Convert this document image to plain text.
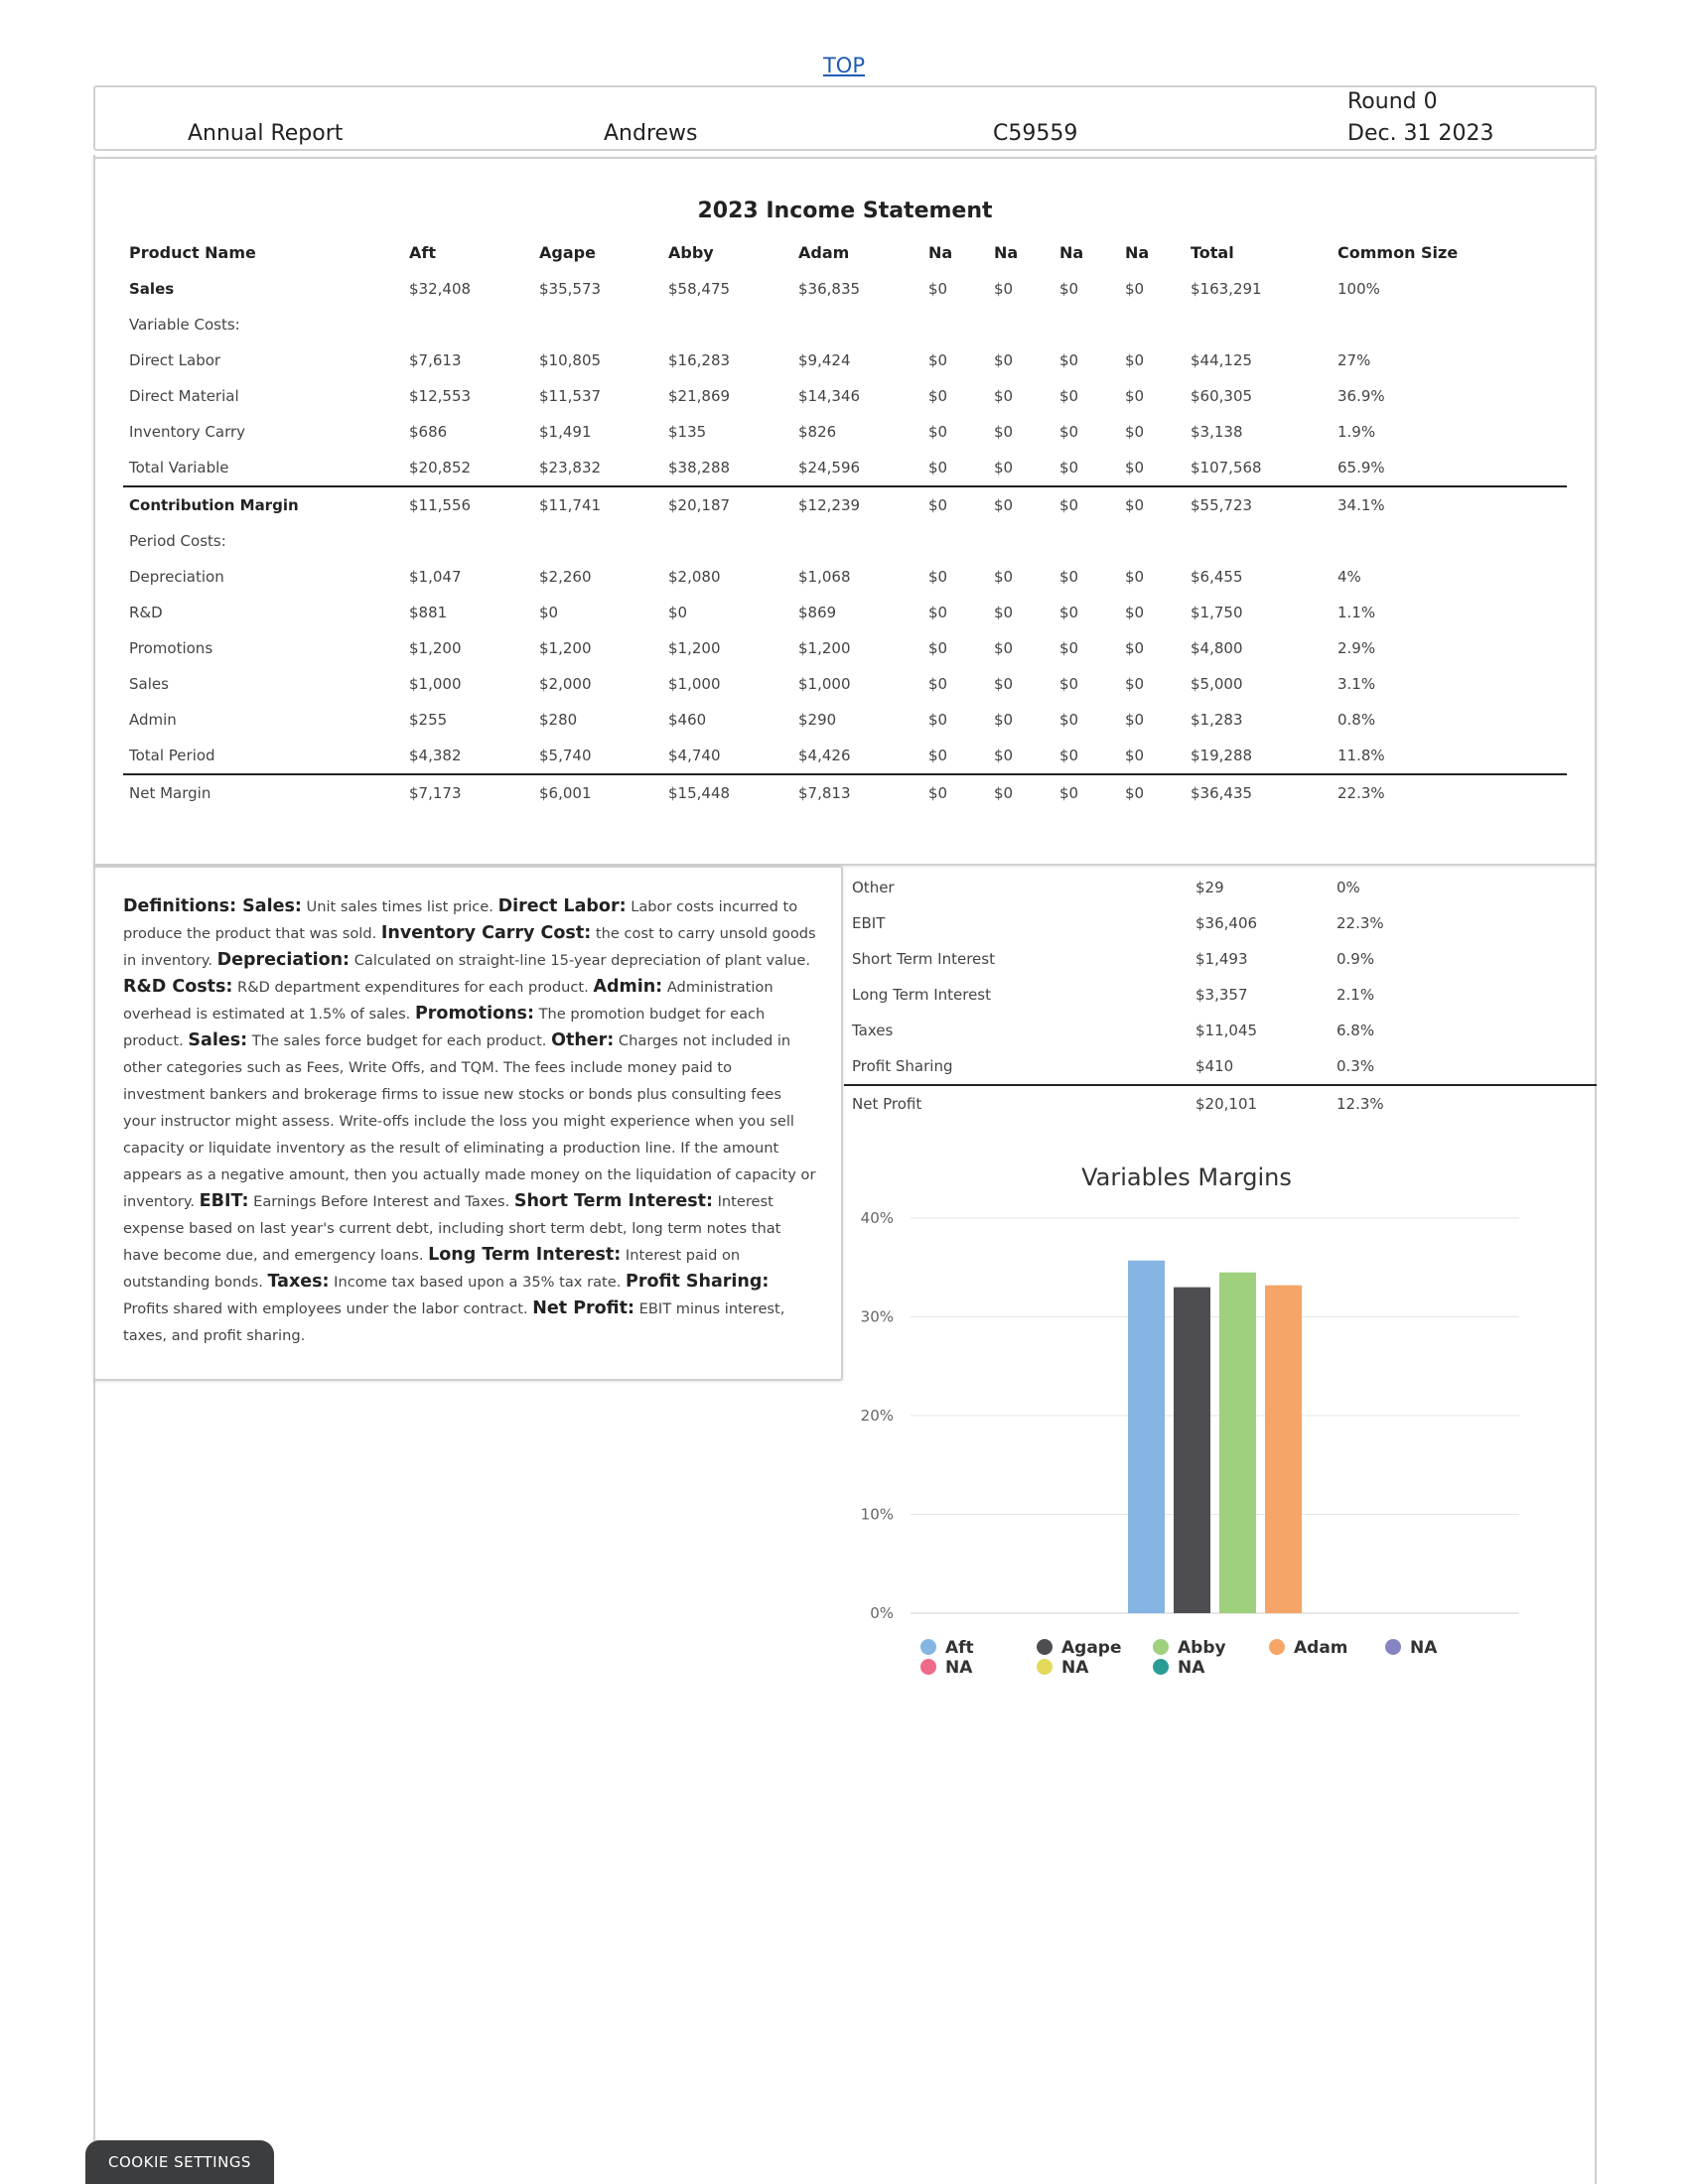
TOP
Annual Report	Andrews	C59559
Round 0
Dec. 31 2023
2023 Income Statement
Product Name	Aft	Agape	Abby	Adam	Na	Na	Na	Na	Total	Common Size
Sales	$32,408	$35,573	$58,475	$36,835	$0	$0	$0	$0	$163,291	100%
Variable Costs:
Direct Labor	$7,613	$10,805	$16,283	$9,424	$0	$0	$0	$0	$44,125	27%
Direct Material	$12,553	$11,537	$21,869	$14,346	$0	$0	$0	$0	$60,305	36.9%
Inventory Carry	$686	$1,491	$135	$826	$0	$0	$0	$0	$3,138	1.9%
Total Variable	$20,852	$23,832	$38,288	$24,596	$0	$0	$0	$0	$107,568	65.9%
Contribution Margin	$11,556	$11,741	$20,187	$12,239	$0	$0	$0	$0	$55,723	34.1%
Period Costs:
Depreciation	$1,047	$2,260	$2,080	$1,068	$0	$0	$0	$0	$6,455	4%
R&D	$881	$0	$0	$869	$0	$0	$0	$0	$1,750	1.1%
Promotions	$1,200	$1,200	$1,200	$1,200	$0	$0	$0	$0	$4,800	2.9%
Sales	$1,000	$2,000	$1,000	$1,000	$0	$0	$0	$0	$5,000	3.1%
Admin	$255	$280	$460	$290	$0	$0	$0	$0	$1,283	0.8%
Total Period	$4,382	$5,740	$4,740	$4,426	$0	$0	$0	$0	$19,288	11.8%
Net Margin	$7,173	$6,001	$15,448	$7,813	$0	$0	$0	$0	$36,435	22.3%

Definitions: Sales: Unit sales times list price. Direct Labor: Labor costs incurred to produce the product that was sold. Inventory Carry Cost: the cost to carry unsold goods in inventory. Depreciation: Calculated on straight-line 15-year depreciation of plant value. R&D Costs: R&D department expenditures for each product. Admin: Administration overhead is estimated at 1.5% of sales. Promotions: The promotion budget for each product. Sales: The sales force budget for each product. Other: Charges not included in other categories such as Fees, Write Offs, and TQM. The fees include money paid to investment bankers and brokerage firms to issue new stocks or bonds plus consulting fees your instructor might assess. Write-offs include the loss you might experience when you sell capacity or liquidate inventory as the result of eliminating a production line. If the amount appears as a negative amount, then you actually made money on the liquidation of capacity or inventory. EBIT: Earnings Before Interest and Taxes. Short Term Interest: Interest expense based on last year's current debt, including short term debt, long term notes that have become due, and emergency loans. Long Term Interest: Interest paid on outstanding bonds. Taxes: Income tax based upon a 35% tax rate. Profit Sharing: Profits shared with employees under the labor contract. Net Profit: EBIT minus interest, taxes, and profit sharing.

Other	$29	0%
EBIT	$36,406	22.3%
Short Term Interest	$1,493	0.9%
Long Term Interest	$3,357	2.1%
Taxes	$11,045	6.8%
Profit Sharing	$410	0.3%
Net Profit	$20,101	12.3%
Variables Margins
0%
10%
20%
30%
40%
Aft	Agape	Abby	Adam	NA
NA	NA	NA
COOKIE SETTINGS
